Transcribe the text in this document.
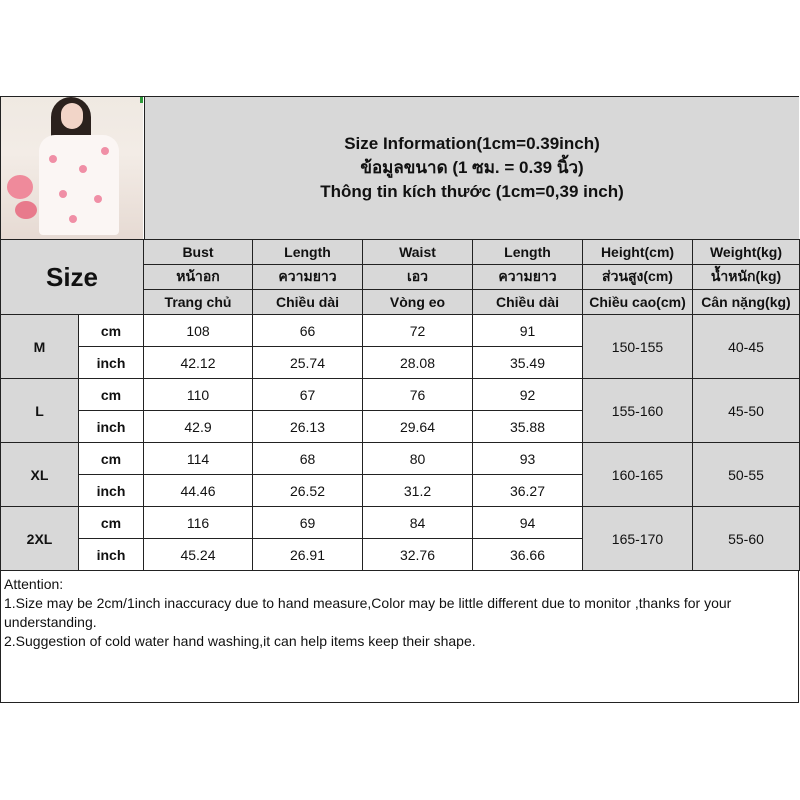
Size Information(1cm=0.39inch)
ข้อมูลขนาด (1 ซม. = 0.39 นิ้ว)
Thông tin kích thước (1cm=0,39 inch)
Size		Bust	Length	Waist	Length	Height(cm)	Weight(kg)
		หน้าอก	ความยาว	เอว	ความยาว	ส่วนสูง(cm)	น้ำหนัก(kg)
		Trang chủ	Chiều dài	Vòng eo	Chiều dài	Chiều cao(cm)	Cân nặng(kg)
M	cm	108	66	72	91	150-155	40-45
	inch	42.12	25.74	28.08	35.49		
L	cm	110	67	76	92	155-160	45-50
	inch	42.9	26.13	29.64	35.88		
XL	cm	114	68	80	93	160-165	50-55
	inch	44.46	26.52	31.2	36.27		
2XL	cm	116	69	84	94	165-170	55-60
	inch	45.24	26.91	32.76	36.66		

Attention:

1.Size may be 2cm/1inch inaccuracy due to hand measure,Color may be little different due to monitor ,thanks for your understanding.

2.Suggestion of cold water hand washing,it can help items keep their shape.
